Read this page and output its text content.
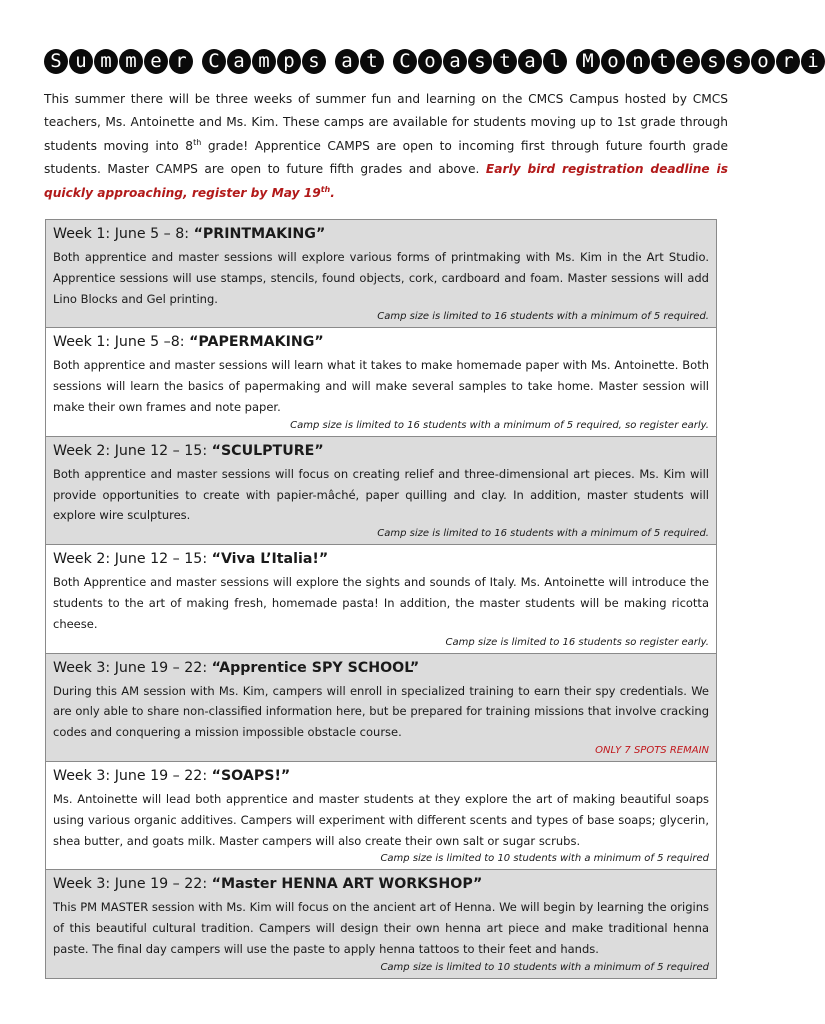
S u m m e r	C a m p s	a t	C o a s t a l	M o n t e s s o r i
This summer there will be three weeks of summer fun and learning on the CMCS Campus hosted by CMCS teachers, Ms. Antoinette and Ms. Kim. These camps are available for students moving up to 1st grade through students moving into 8th grade! Apprentice CAMPS are open to incoming first through future fourth grade students. Master CAMPS are open to future fifth grades and above. Early bird registration deadline is quickly approaching, register by May 19th.
Week 1: June 5 – 8: “PRINTMAKING”
Both apprentice and master sessions will explore various forms of printmaking with Ms. Kim in the Art Studio. Apprentice sessions will use stamps, stencils, found objects, cork, cardboard and foam. Master sessions will add Lino Blocks and Gel printing.
Camp size is limited to 16 students with a minimum of 5 required.
Week 1: June 5 –8: “PAPERMAKING”
Both apprentice and master sessions will learn what it takes to make homemade paper with Ms. Antoinette. Both sessions will learn the basics of papermaking and will make several samples to take home. Master session will make their own frames and note paper.
Camp size is limited to 16 students with a minimum of 5 required, so register early.
Week 2: June 12 – 15: “SCULPTURE”
Both apprentice and master sessions will focus on creating relief and three-dimensional art pieces. Ms. Kim will provide opportunities to create with papier-mâché, paper quilling and clay. In addition, master students will explore wire sculptures.
Camp size is limited to 16 students with a minimum of 5 required.
Week 2: June 12 – 15: “Viva L’Italia!”
Both Apprentice and master sessions will explore the sights and sounds of Italy. Ms. Antoinette will introduce the students to the art of making fresh, homemade pasta! In addition, the master students will be making ricotta cheese.
Camp size is limited to 16 students so register early.
Week 3: June 19 – 22: “Apprentice SPY SCHOOL”
During this AM session with Ms. Kim, campers will enroll in specialized training to earn their spy credentials. We are only able to share non-classified information here, but be prepared for training missions that involve cracking codes and conquering a mission impossible obstacle course.
ONLY 7 SPOTS REMAIN
Week 3: June 19 – 22: “SOAPS!”
Ms. Antoinette will lead both apprentice and master students at they explore the art of making beautiful soaps using various organic additives. Campers will experiment with different scents and types of base soaps; glycerin, shea butter, and goats milk. Master campers will also create their own salt or sugar scrubs.
Camp size is limited to 10 students with a minimum of 5 required
Week 3: June 19 – 22: “Master HENNA ART WORKSHOP”
This PM MASTER session with Ms. Kim will focus on the ancient art of Henna. We will begin by learning the origins of this beautiful cultural tradition. Campers will design their own henna art piece and make traditional henna paste. The final day campers will use the paste to apply henna tattoos to their feet and hands.
Camp size is limited to 10 students with a minimum of 5 required
